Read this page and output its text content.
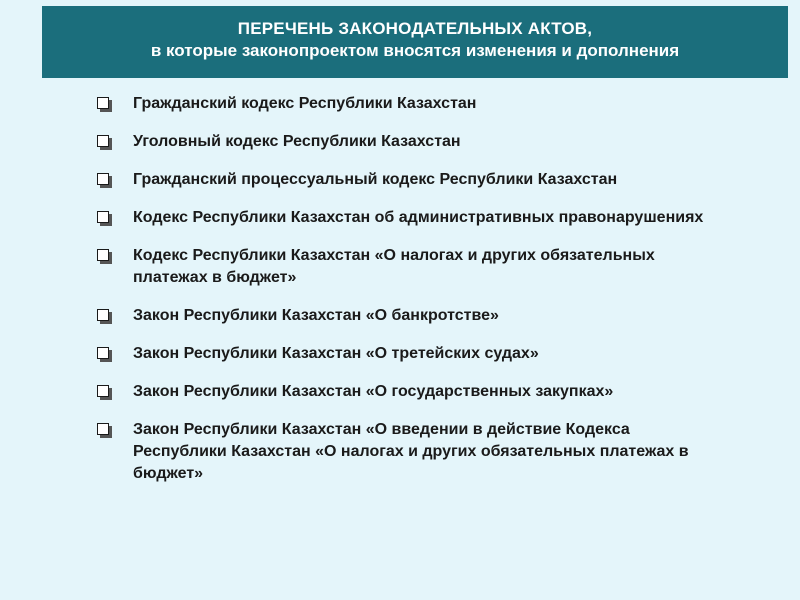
ПЕРЕЧЕНЬ ЗАКОНОДАТЕЛЬНЫХ АКТОВ,
в которые законопроектом вносятся изменения и дополнения
Гражданский кодекс Республики Казахстан
Уголовный кодекс Республики Казахстан
Гражданский процессуальный кодекс Республики Казахстан
Кодекс Республики Казахстан об административных правонарушениях
Кодекс Республики Казахстан «О налогах и других обязательных платежах в бюджет»
Закон Республики Казахстан «О банкротстве»
Закон Республики Казахстан «О третейских судах»
Закон Республики Казахстан «О государственных закупках»
Закон Республики Казахстан «О введении в действие Кодекса Республики Казахстан «О налогах и других обязательных платежах в бюджет»
